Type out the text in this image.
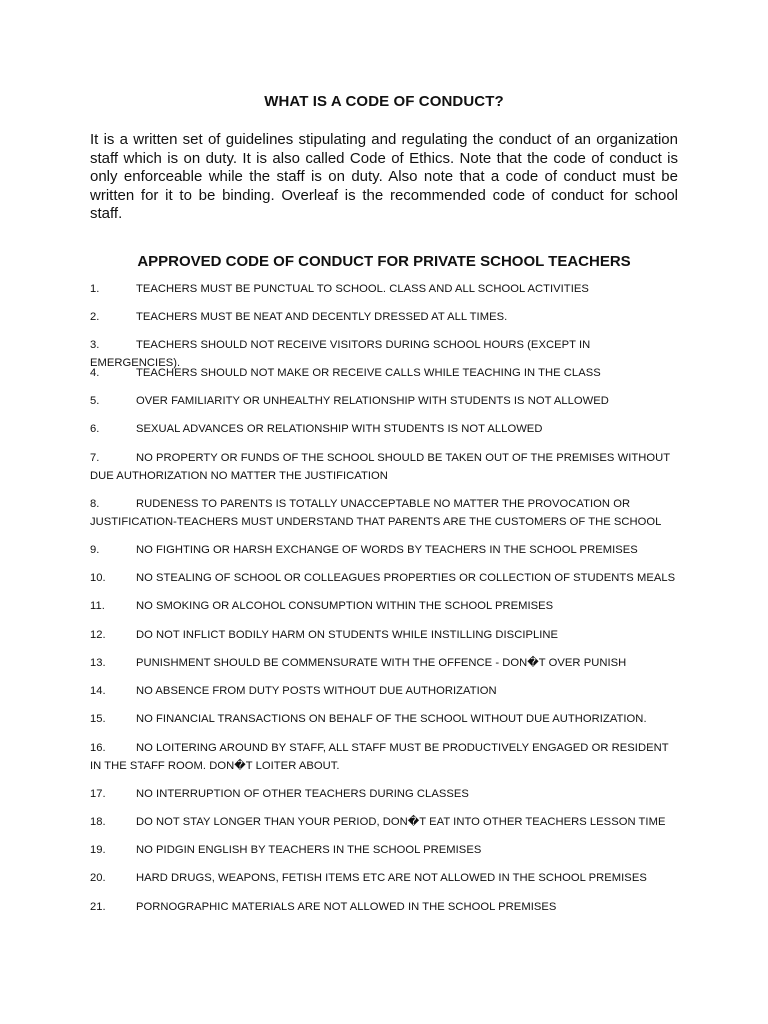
WHAT IS A CODE OF CONDUCT?
It is a written set of guidelines stipulating and regulating the conduct of an organization staff which is on duty. It is also called Code of Ethics. Note that the code of conduct is only enforceable while the staff is on duty. Also note that a code of conduct must be written for it to be binding. Overleaf is the recommended code of conduct for school staff.
APPROVED CODE OF CONDUCT FOR PRIVATE SCHOOL TEACHERS
1.	TEACHERS MUST BE PUNCTUAL TO SCHOOL. CLASS AND ALL SCHOOL ACTIVITIES
2.	TEACHERS MUST BE NEAT AND DECENTLY DRESSED AT ALL TIMES.
3.	TEACHERS SHOULD NOT RECEIVE VISITORS DURING SCHOOL HOURS (EXCEPT IN EMERGENCIES).
4.	TEACHERS SHOULD NOT MAKE OR RECEIVE CALLS WHILE TEACHING IN THE CLASS
5.	OVER FAMILIARITY OR UNHEALTHY RELATIONSHIP WITH STUDENTS IS NOT ALLOWED
6.	SEXUAL ADVANCES OR RELATIONSHIP WITH STUDENTS IS NOT ALLOWED
7.	NO PROPERTY OR FUNDS OF THE SCHOOL SHOULD BE TAKEN OUT OF THE PREMISES WITHOUT DUE AUTHORIZATION NO MATTER THE JUSTIFICATION
8.	RUDENESS TO PARENTS IS TOTALLY UNACCEPTABLE NO MATTER THE PROVOCATION OR JUSTIFICATION-TEACHERS MUST UNDERSTAND THAT PARENTS ARE THE CUSTOMERS OF THE SCHOOL
9.	NO FIGHTING OR HARSH EXCHANGE OF WORDS BY TEACHERS IN THE SCHOOL PREMISES
10.	NO STEALING OF SCHOOL OR COLLEAGUES PROPERTIES OR COLLECTION OF STUDENTS MEALS
11.	NO SMOKING OR ALCOHOL CONSUMPTION WITHIN THE SCHOOL PREMISES
12.	DO NOT INFLICT BODILY HARM ON STUDENTS WHILE INSTILLING DISCIPLINE
13.	PUNISHMENT SHOULD BE COMMENSURATE WITH THE OFFENCE - DON�T OVER PUNISH
14.	NO ABSENCE FROM DUTY POSTS WITHOUT DUE AUTHORIZATION
15.	NO FINANCIAL TRANSACTIONS ON BEHALF OF THE SCHOOL WITHOUT DUE AUTHORIZATION.
16.	NO LOITERING AROUND BY STAFF, ALL STAFF MUST BE PRODUCTIVELY ENGAGED OR RESIDENT IN THE STAFF ROOM. DON�T LOITER ABOUT.
17.	NO INTERRUPTION OF OTHER TEACHERS DURING CLASSES
18.	DO NOT STAY LONGER THAN YOUR PERIOD, DON�T EAT INTO OTHER TEACHERS LESSON TIME
19.	NO PIDGIN ENGLISH BY TEACHERS IN THE SCHOOL PREMISES
20.	HARD DRUGS, WEAPONS, FETISH ITEMS ETC ARE NOT ALLOWED IN THE SCHOOL PREMISES
21.	PORNOGRAPHIC MATERIALS ARE NOT ALLOWED IN THE SCHOOL PREMISES
